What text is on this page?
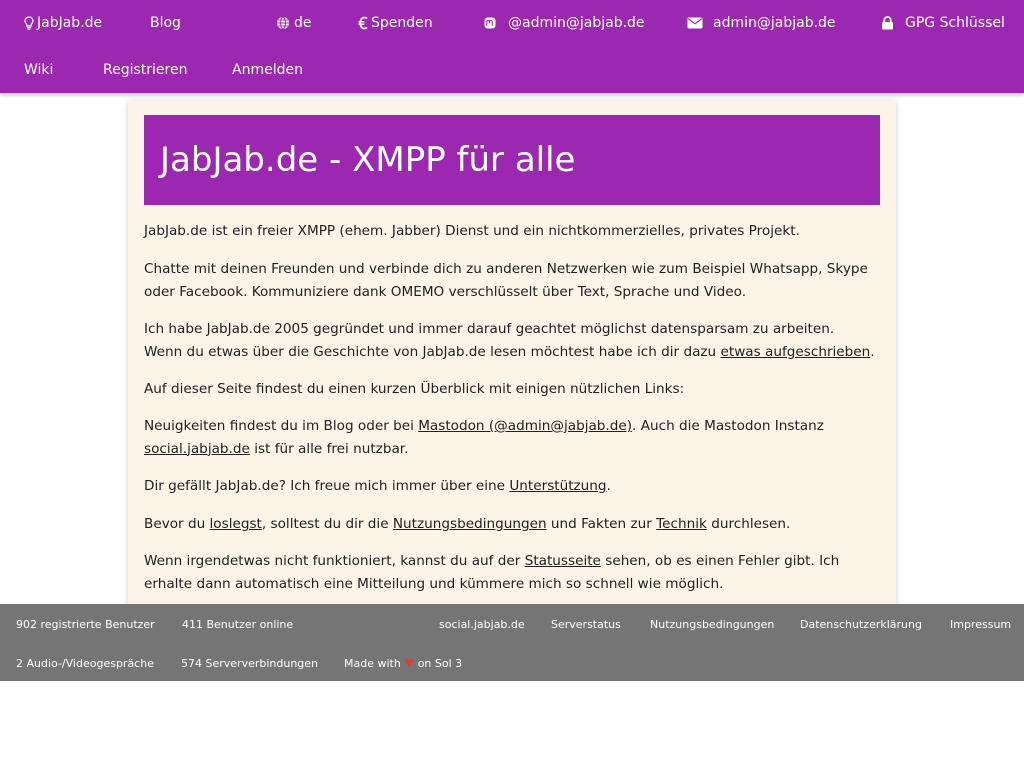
JabJab.de	Blog	de	Spenden	@admin@jabjab.de	admin@jabjab.de	GPG Schlüssel
Wiki	Registrieren	Anmelden
JabJab.de - XMPP für alle

JabJab.de ist ein freier XMPP (ehem. Jabber) Dienst und ein nichtkommerzielles, privates Projekt.

Chatte mit deinen Freunden und verbinde dich zu anderen Netzwerken wie zum Beispiel Whatsapp, Skype oder Facebook. Kommuniziere dank OMEMO verschlüsselt über Text, Sprache und Video.

Ich habe JabJab.de 2005 gegründet und immer darauf geachtet möglichst datensparsam zu arbeiten. Wenn du etwas über die Geschichte von JabJab.de lesen möchtest habe ich dir dazu etwas aufgeschrieben.

Auf dieser Seite findest du einen kurzen Überblick mit einigen nützlichen Links:

Neuigkeiten findest du im Blog oder bei Mastodon (@admin@jabjab.de). Auch die Mastodon Instanz social.jabjab.de ist für alle frei nutzbar.

Dir gefällt JabJab.de? Ich freue mich immer über eine Unterstützung.

Bevor du loslegst, solltest du dir die Nutzungsbedingungen und Fakten zur Technik durchlesen.

Wenn irgendetwas nicht funktioniert, kannst du auf der Statusseite sehen, ob es einen Fehler gibt. Ich erhalte dann automatisch eine Mitteilung und kümmere mich so schnell wie möglich.

902 registrierte Benutzer 411 Benutzer online	social.jabjab.de Serverstatus	Nutzungsbedingungen Datenschutzerklärung	Impressum
2 Audio-/Videogespräche 574 Serververbindungen Made with ♥ on Sol 3
